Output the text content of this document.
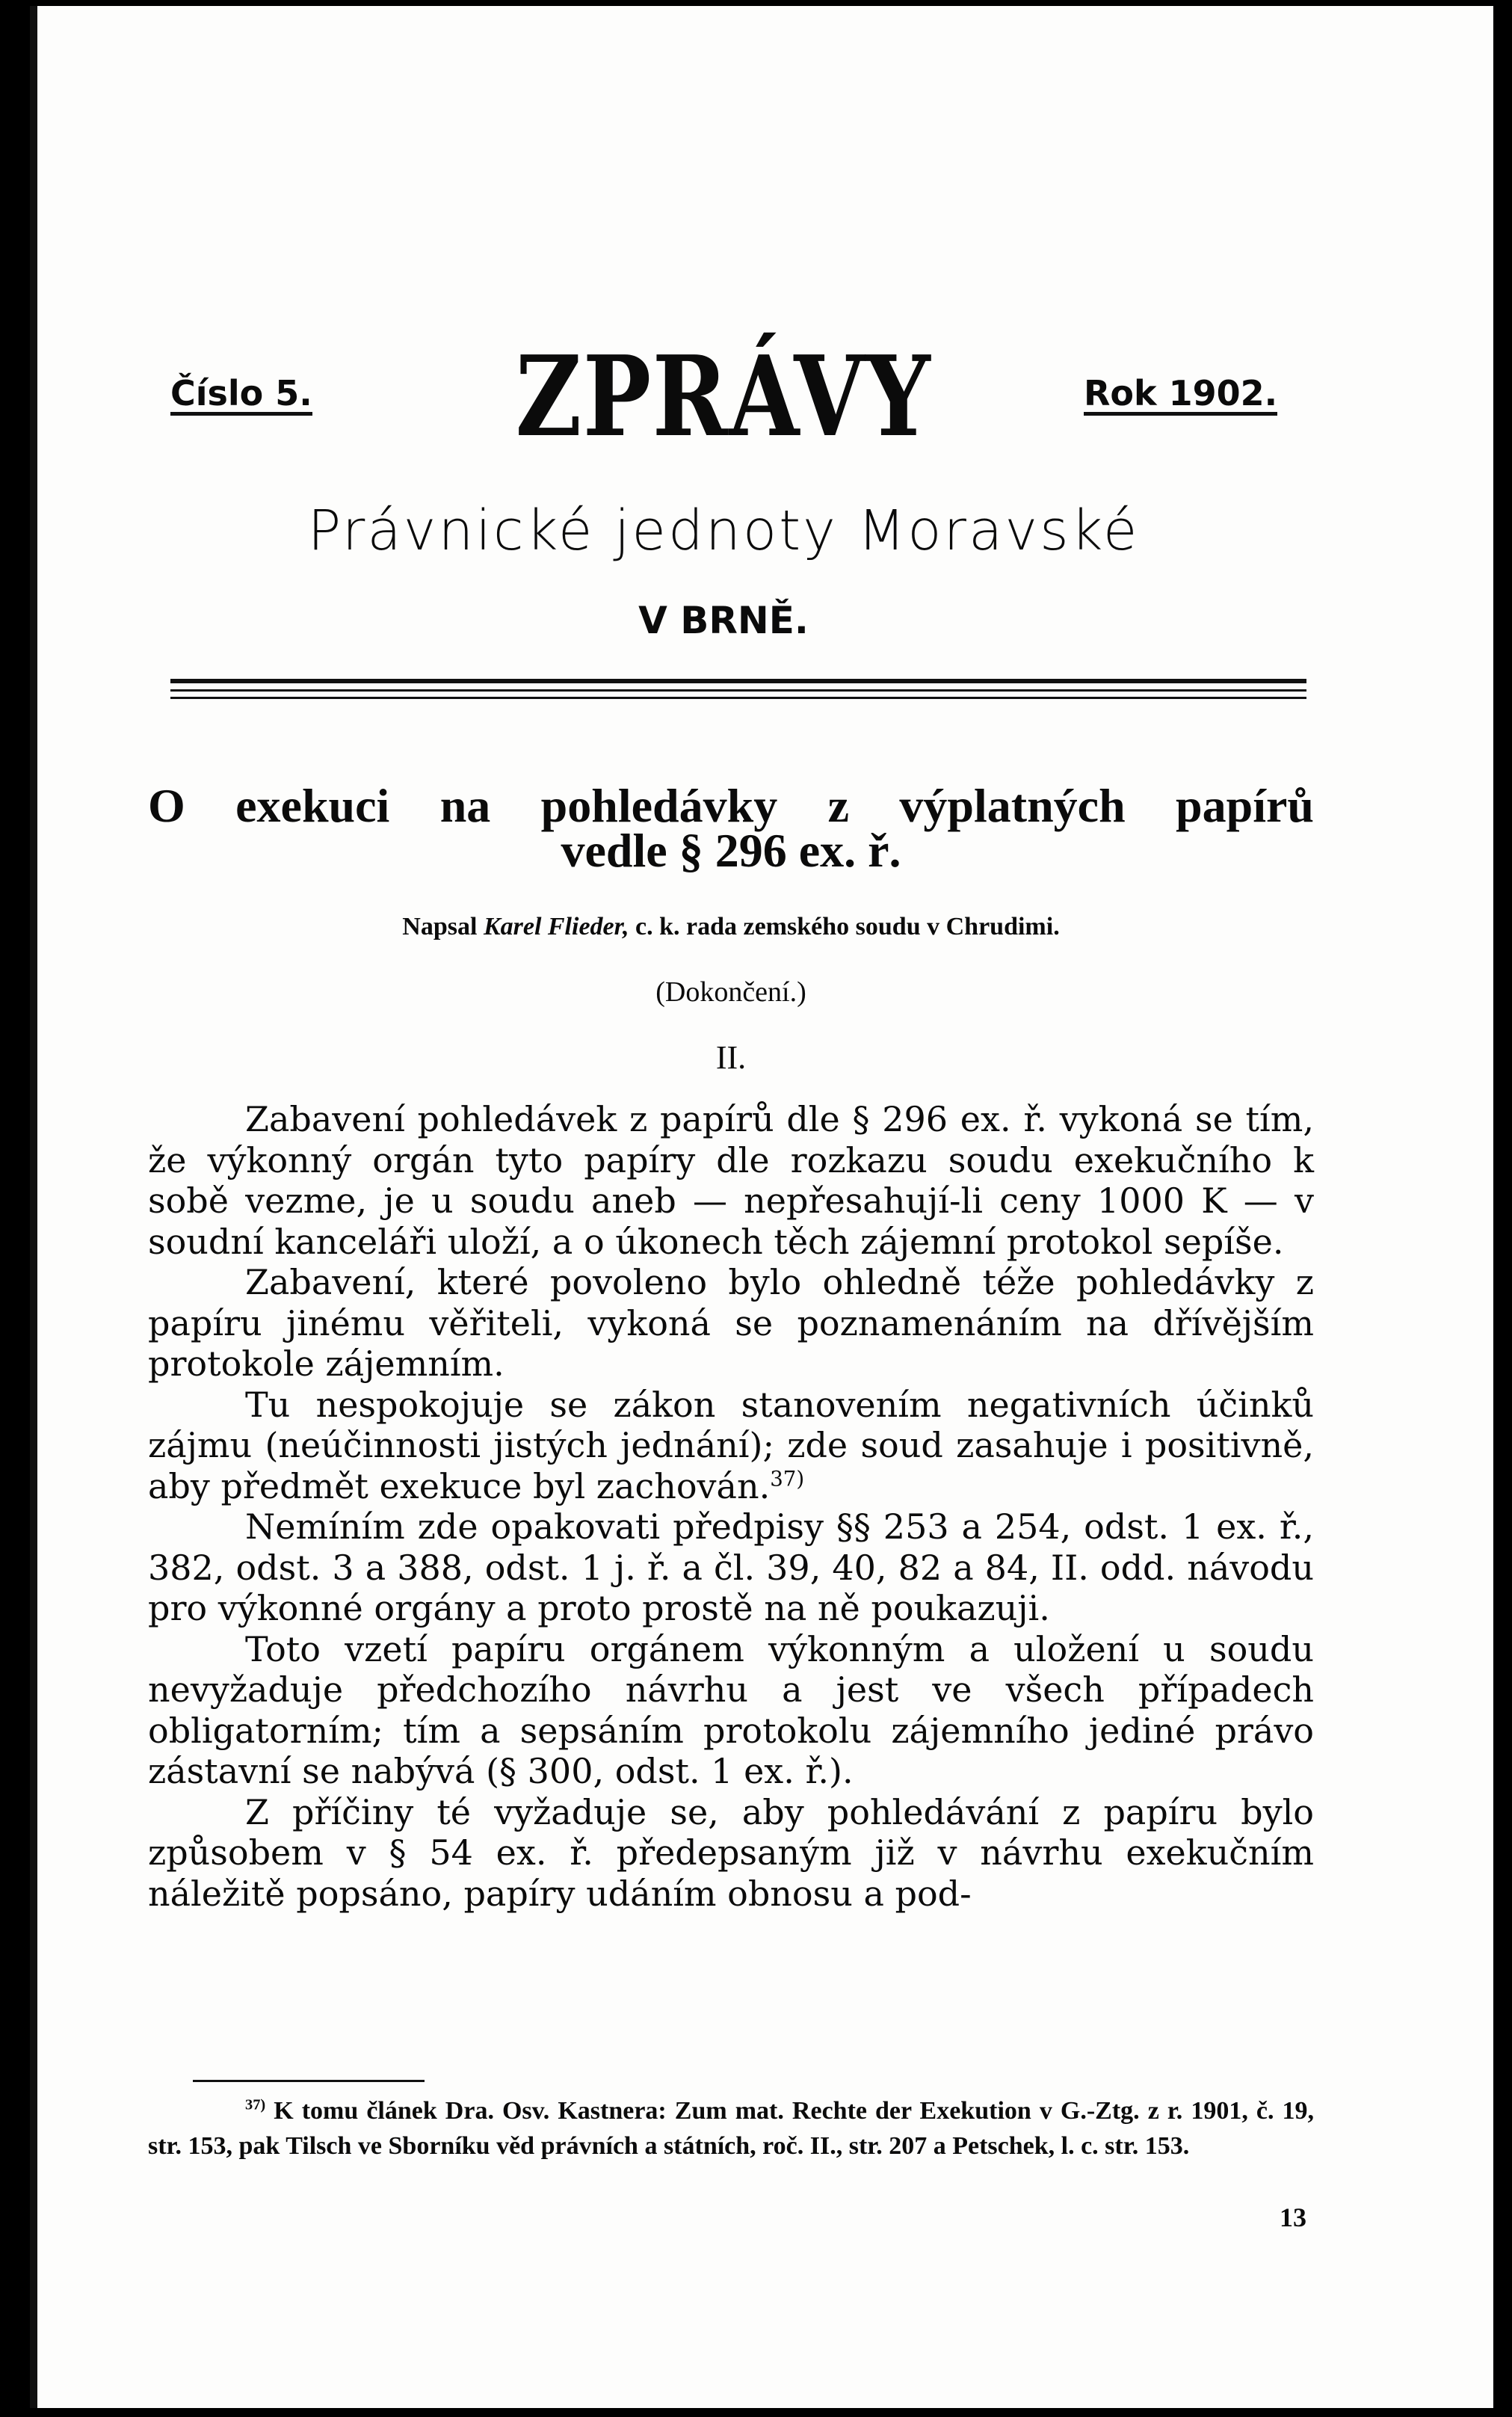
Číslo 5.	ZPRÁVY	Rok 1902.
Právnické jednoty Moravské
V BRNĚ.
O exekuci na pohledávky z výplatných papírů
vedle § 296 ex. ř.
Napsal Karel Flieder, c. k. rada zemského soudu v Chrudimi.
(Dokončení.)
II.

Zabavení pohledávek z papírů dle § 296 ex. ř. vykoná se tím, že výkonný orgán tyto papíry dle rozkazu soudu exekučního k sobě vezme, je u soudu aneb — nepřesahují-li ceny 1000 K — v soudní kanceláři uloží, a o úkonech těch zájemní protokol sepíše.

Zabavení, které povoleno bylo ohledně téže pohledávky z papíru jinému věřiteli, vykoná se poznamenáním na dřívějším protokole zájemním.

Tu nespokojuje se zákon stanovením negativních účinků zájmu (neúčinnosti jistých jednání); zde soud zasahuje i positivně, aby předmět exekuce byl zachován.$^{37)}$

Nemíním zde opakovati předpisy §§ 253 a 254, odst. 1 ex. ř., 382, odst. 3 a 388, odst. 1 j. ř. a čl. 39, 40, 82 a 84, II. odd. návodu pro výkonné orgány a proto prostě na ně poukazuji.

Toto vzetí papíru orgánem výkonným a uložení u soudu nevyžaduje předchozího návrhu a jest ve všech případech obligatorním; tím a sepsáním protokolu zájemního jediné právo zástavní se nabývá (§ 300, odst. 1 ex. ř.).

Z příčiny té vyžaduje se, aby pohledávání z papíru bylo způsobem v § 54 ex. ř. předepsaným již v návrhu exekučním náležitě popsáno, papíry udáním obnosu a pod-

$^{37)}$ K tomu článek Dra. Osv. Kastnera: Zum mat. Rechte der Exekution v G.-Ztg. z r. 1901, č. 19, str. 153, pak Tilsch ve Sborníku věd právních a státních, roč. II., str. 207 a Petschek, l. c. str. 153.
13
